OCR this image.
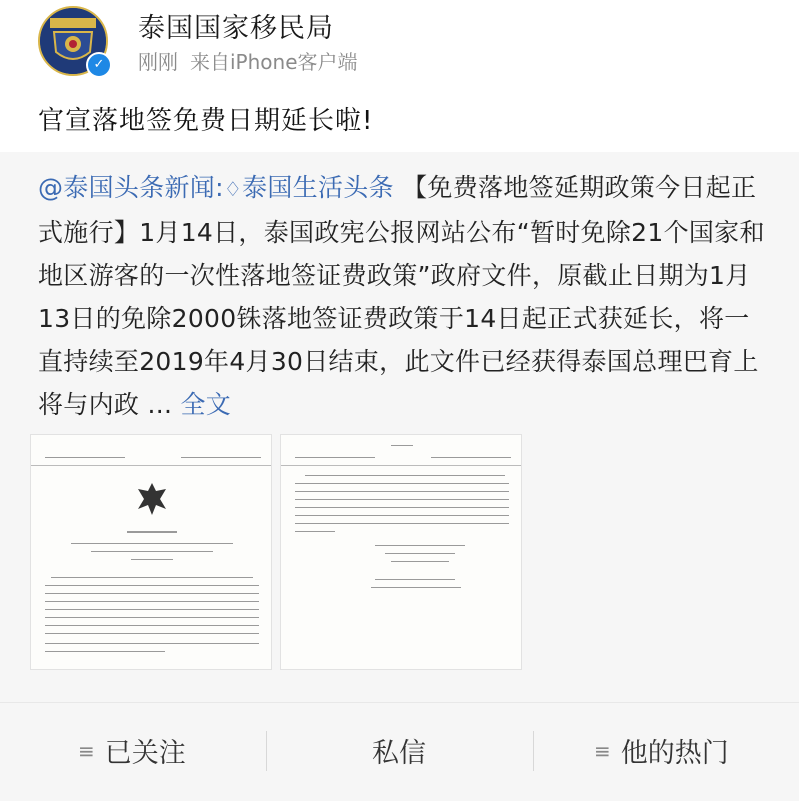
✓
泰国国家移民局
刚刚 来自iPhone客户端
官宣落地签免费日期延长啦!
@泰国头条新闻:♢泰国生活头条 【免费落地签延期政策今日起正式施行】1月14日，泰国政宪公报网站公布“暂时免除21个国家和地区游客的一次性落地签证费政策”政府文件，原截止日期为1月13日的免除2000铢落地签证费政策于14日起正式获延长，将一直持续至2019年4月30日结束，此文件已经获得泰国总理巴育上将与内政 ... 全文
≡ 已关注	私信	≡ 他的热门
